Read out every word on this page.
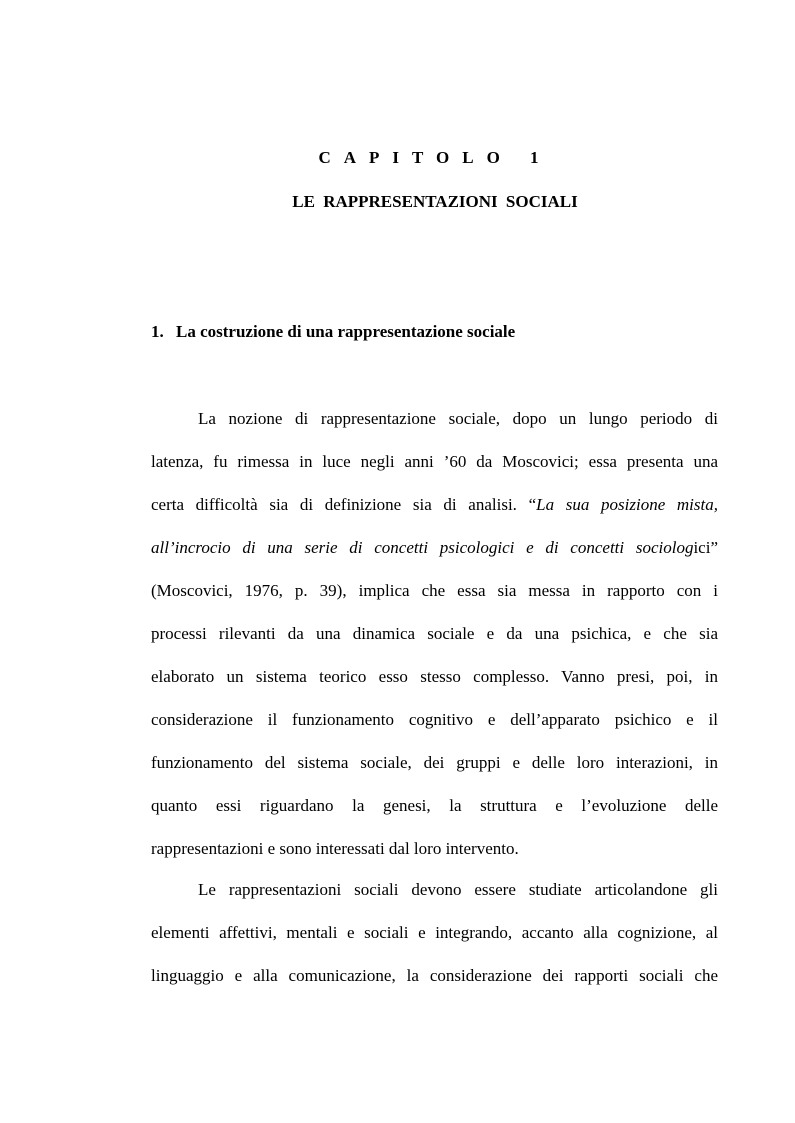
CAPITOLO 1
LE RAPPRESENTAZIONI SOCIALI
1. La costruzione di una rappresentazione sociale
La nozione di rappresentazione sociale, dopo un lungo periodo di
latenza, fu rimessa in luce negli anni ’60 da Moscovici; essa presenta una
certa difficoltà sia di definizione sia di analisi. “La sua posizione mista,
all’incrocio di una serie di concetti psicologici e di concetti sociologici”
(Moscovici, 1976, p. 39), implica che essa sia messa in rapporto con i
processi rilevanti da una dinamica sociale e da una psichica, e che sia
elaborato un sistema teorico esso stesso complesso. Vanno presi, poi, in
considerazione il funzionamento cognitivo e dell’apparato psichico e il
funzionamento del sistema sociale, dei gruppi e delle loro interazioni, in
quanto essi riguardano la genesi, la struttura e l’evoluzione delle
rappresentazioni e sono interessati dal loro intervento.
Le rappresentazioni sociali devono essere studiate articolandone gli
elementi affettivi, mentali e sociali e integrando, accanto alla cognizione, al
linguaggio e alla comunicazione, la considerazione dei rapporti sociali che
